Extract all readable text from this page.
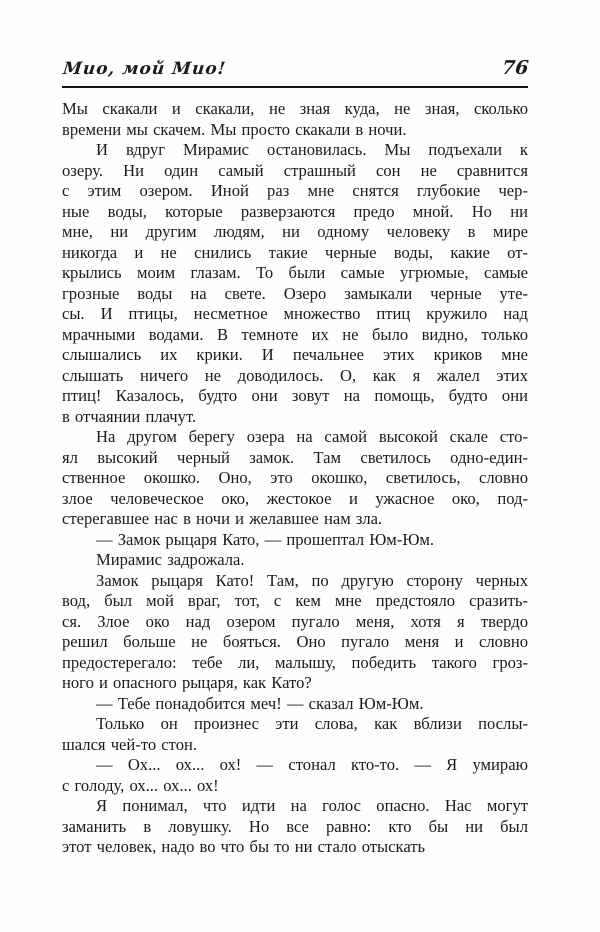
Мио, мой Мио!	76
Мы скакали и скакали, не зная куда, не зная, сколько
времени мы скачем. Мы просто скакали в ночи.
И вдруг Мирамис остановилась. Мы подъехали к
озеру. Ни один самый страшный сон не сравнится
с этим озером. Иной раз мне снятся глубокие чер-
ные воды, которые разверзаются предо мной. Но ни
мне, ни другим людям, ни одному человеку в мире
никогда и не снились такие черные воды, какие от-
крылись моим глазам. То были самые угрюмые, самые
грозные воды на свете. Озеро замыкали черные уте-
сы. И птицы, несметное множество птиц кружило над
мрачными водами. В темноте их не было видно, только
слышались их крики. И печальнее этих криков мне
слышать ничего не доводилось. О, как я жалел этих
птиц! Казалось, будто они зовут на помощь, будто они
в отчаянии плачут.
На другом берегу озера на самой высокой скале сто-
ял высокий черный замок. Там светилось одно-един-
ственное окошко. Оно, это окошко, светилось, словно
злое человеческое око, жестокое и ужасное око, под-
стерегавшее нас в ночи и желавшее нам зла.
— Замок рыцаря Като, — прошептал Юм-Юм.
Мирамис задрожала.
Замок рыцаря Като! Там, по другую сторону черных
вод, был мой враг, тот, с кем мне предстояло сразить-
ся. Злое око над озером пугало меня, хотя я твердо
решил больше не бояться. Оно пугало меня и словно
предостерегало: тебе ли, малышу, победить такого гроз-
ного и опасного рыцаря, как Като?
— Тебе понадобится меч! — сказал Юм-Юм.
Только он произнес эти слова, как вблизи послы-
шался чей-то стон.
— Ох... ох... ох! — стонал кто-то. — Я умираю
с голоду, ох... ох... ох!
Я понимал, что идти на голос опасно. Нас могут
заманить в ловушку. Но все равно: кто бы ни был
этот человек, надо во что бы то ни стало отыскать
